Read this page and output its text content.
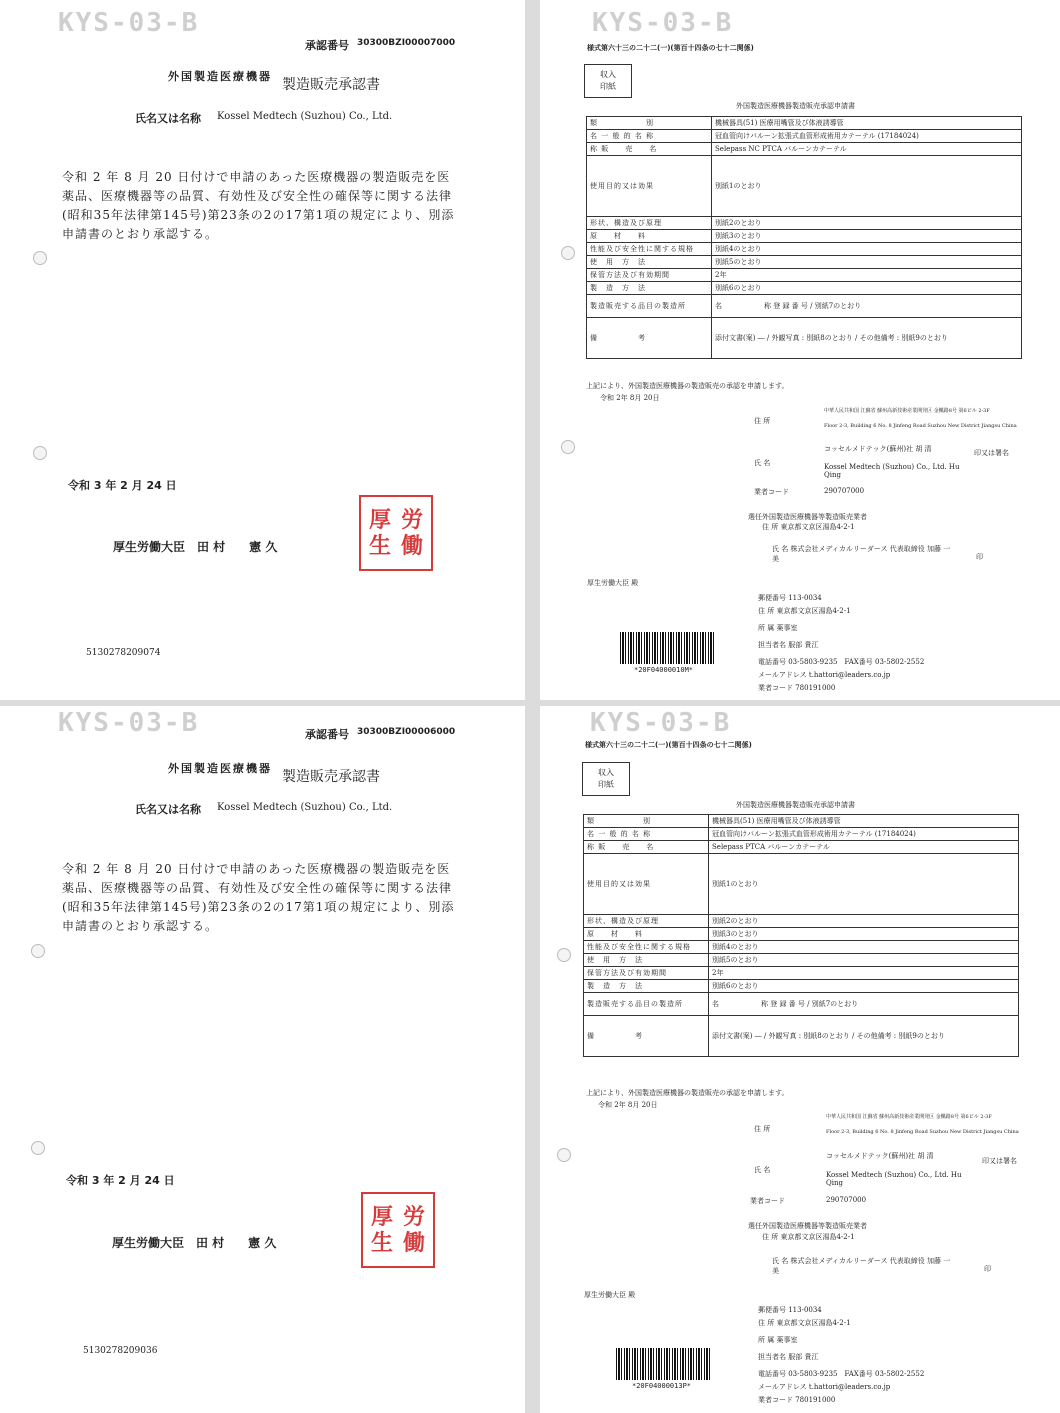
KYS-03-B
承認番号 30300BZI00007000
外国製造医療機器
製造販売承認書
氏名又は名称 Kossel Medtech (Suzhou) Co., Ltd.
令和 2 年 8 月 20 日付けで申請のあった医療機器の製造販売を医薬品、医療機器等の品質、有効性及び安全性の確保等に関する法律(昭和35年法律第145号)第23条の2の17第1項の規定により、別添申請書のとおり承認する。
令和 3 年 2 月 24 日
厚生労働大臣　田 村　　憲 久
厚 労
生 働
5130278209074
KYS-03-B
様式第六十三の二十二(一)(第百十四条の七十二関係)
収入
印紙
外国製造医療機器製造販売承認申請書
類　　　　　　別	機械器具(51) 医療用嘴管及び体液誘導管
名 一 般 的 名 称	冠血管向けバルーン拡張式血管形成術用カテーテル (17184024)
称 販　　売　　名	Selepass NC PTCA バルーンカテーテル
使用目的又は効果	別紙1のとおり
形状、構造及び原理	別紙2のとおり
原　　材　　料	別紙3のとおり
性能及び安全性に関する規格	別紙4のとおり
使　用　方　法	別紙5のとおり
保管方法及び有効期間	2年
製　造　方　法	別紙6のとおり
製造販売する品目の製造所	名　　　　　　称 登 録 番 号 / 別紙7のとおり
備　　　　　考	添付文書(案) ― / 外観写真 : 別紙8のとおり / その他備考 : 別紙9のとおり
上記により、外国製造医療機器の製造販売の承認を申請します。
令和 2年 8月 20日
住 所
中華人民共和国 江蘇省 蘇州高新技術産業開発区 金楓路8号 第6ビル 2-3F
Floor 2-3, Building 6 No. 8 Jinfeng Road Suzhou New District Jiangsu China
氏 名
コッセルメドテック(蘇州)社 胡 清
Kossel Medtech (Suzhou) Co., Ltd. Hu Qing
印又は署名
業者コード	290707000
選任外国製造医療機器等製造販売業者
住 所 東京都文京区湯島4-2-1
氏 名 株式会社メディカルリーダース 代表取締役 加藤 一美	印
厚生労働大臣 殿
郵便番号 113-0034
住 所 東京都文京区湯島4-2-1
所 属 薬事室
担当者名 服部 貴江
電話番号 03-5803-9235　FAX番号 03-5802-2552
メールアドレス t.hattori@leaders.co.jp
業者コード 780191000
*20F04000010M*
KYS-03-B	承認番号 30300BZI00006000
外国製造医療機器
製造販売承認書
氏名又は名称 Kossel Medtech (Suzhou) Co., Ltd.
令和 2 年 8 月 20 日付けで申請のあった医療機器の製造販売を医薬品、医療機器等の品質、有効性及び安全性の確保等に関する法律(昭和35年法律第145号)第23条の2の17第1項の規定により、別添申請書のとおり承認する。
令和 3 年 2 月 24 日
厚生労働大臣　田 村　　憲 久
厚 労
生 働
5130278209036
KYS-03-B
様式第六十三の二十二(一)(第百十四条の七十二関係)
収入
印紙
外国製造医療機器製造販売承認申請書
類　　　　　　別	機械器具(51) 医療用嘴管及び体液誘導管
名 一 般 的 名 称	冠血管向けバルーン拡張式血管形成術用カテーテル (17184024)
称 販　　売　　名	Selepass PTCA バルーンカテーテル
使用目的又は効果	別紙1のとおり
形状、構造及び原理	別紙2のとおり
原　　材　　料	別紙3のとおり
性能及び安全性に関する規格	別紙4のとおり
使　用　方　法	別紙5のとおり
保管方法及び有効期間	2年
製　造　方　法	別紙6のとおり
製造販売する品目の製造所	名　　　　　　称 登 録 番 号 / 別紙7のとおり
備　　　　　考	添付文書(案) ― / 外観写真 : 別紙8のとおり / その他備考 : 別紙9のとおり
上記により、外国製造医療機器の製造販売の承認を申請します。
令和 2年 8月 20日
住 所
中華人民共和国 江蘇省 蘇州高新技術産業開発区 金楓路8号 第6ビル 2-3F
Floor 2-3, Building 6 No. 8 Jinfeng Road Suzhou New District Jiangsu China
氏 名
コッセルメドテック(蘇州)社 胡 清
Kossel Medtech (Suzhou) Co., Ltd. Hu Qing
印又は署名
業者コード	290707000
選任外国製造医療機器等製造販売業者
住 所 東京都文京区湯島4-2-1
氏 名 株式会社メディカルリーダース 代表取締役 加藤 一美	印
厚生労働大臣 殿
郵便番号 113-0034
住 所 東京都文京区湯島4-2-1
所 属 薬事室
担当者名 服部 貴江
電話番号 03-5803-9235　FAX番号 03-5802-2552
メールアドレス t.hattori@leaders.co.jp
業者コード 780191000
*20F04000013P*
